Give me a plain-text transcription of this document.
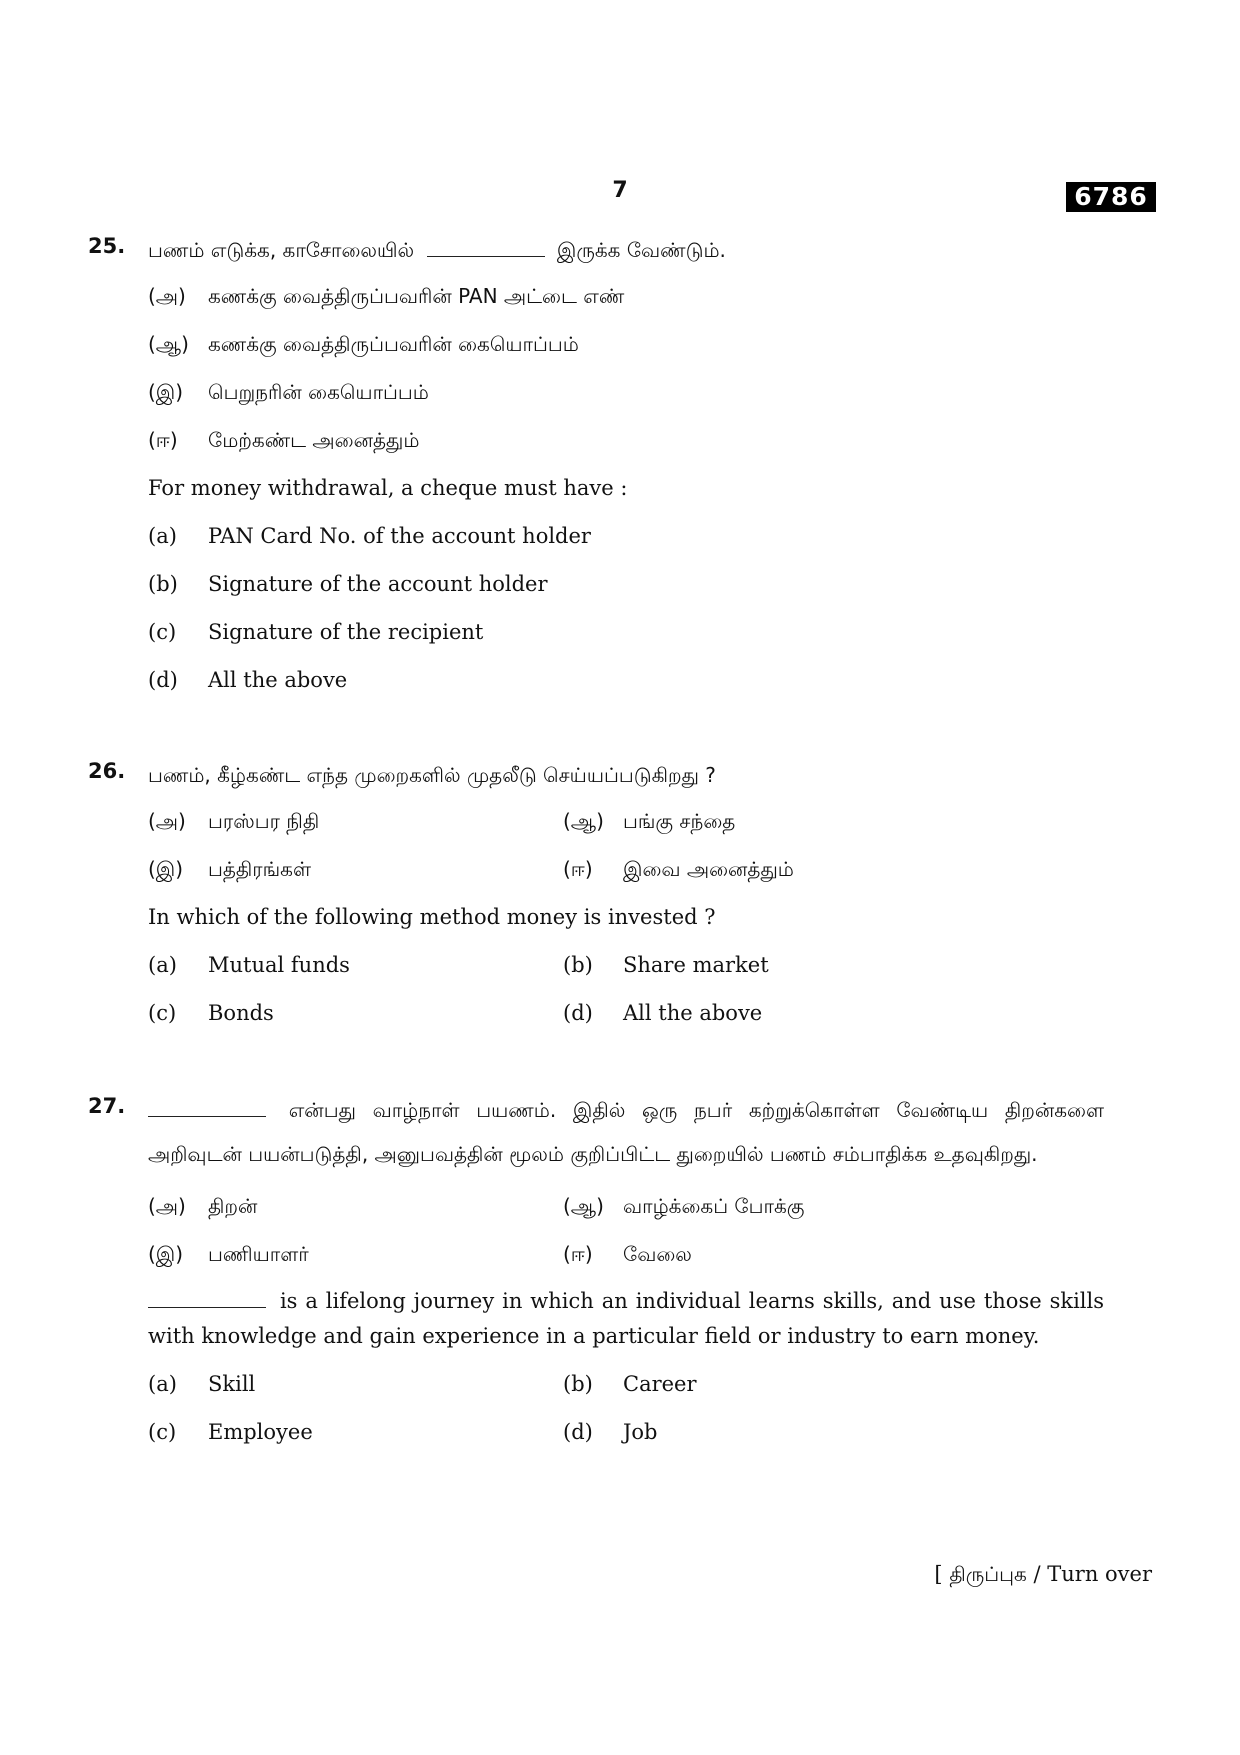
7	6786
25. பணம் எடுக்க, காசோலையில்	இருக்க வேண்டும்.
(அ)	கணக்கு வைத்திருப்பவரின் PAN அட்டை எண்
(ஆ) கணக்கு வைத்திருப்பவரின் கையொப்பம்
(இ)	பெறுநரின் கையொப்பம்
(ஈ)	மேற்கண்ட அனைத்தும்
For money withdrawal, a cheque must have :
(a)	PAN Card No. of the account holder
(b)	Signature of the account holder
(c)	Signature of the recipient
(d)	All the above
26. பணம், கீழ்கண்ட எந்த முறைகளில் முதலீடு செய்யப்படுகிறது ?
(அ)	பரஸ்பர நிதி	(ஆ) பங்கு சந்தை
(இ)	பத்திரங்கள்	(ஈ)	இவை அனைத்தும்
In which of the following method money is invested ?
(a)	Mutual funds	(b)	Share market
(c)	Bonds	(d)	All the above
27.	என்பது வாழ்நாள் பயணம். இதில் ஒரு நபர் கற்றுக்கொள்ள வேண்டிய திறன்களை அறிவுடன் பயன்படுத்தி, அனுபவத்தின் மூலம் குறிப்பிட்ட துறையில் பணம் சம்பாதிக்க உதவுகிறது.
(அ)	திறன்	(ஆ) வாழ்க்கைப் போக்கு
(இ)	பணியாளர்	(ஈ)	வேலை
is a lifelong journey in which an individual learns skills, and use those skills with knowledge and gain experience in a particular field or industry to earn money.
(a)	Skill	(b)	Career
(c)	Employee	(d)	Job
[ திருப்புக / Turn over
